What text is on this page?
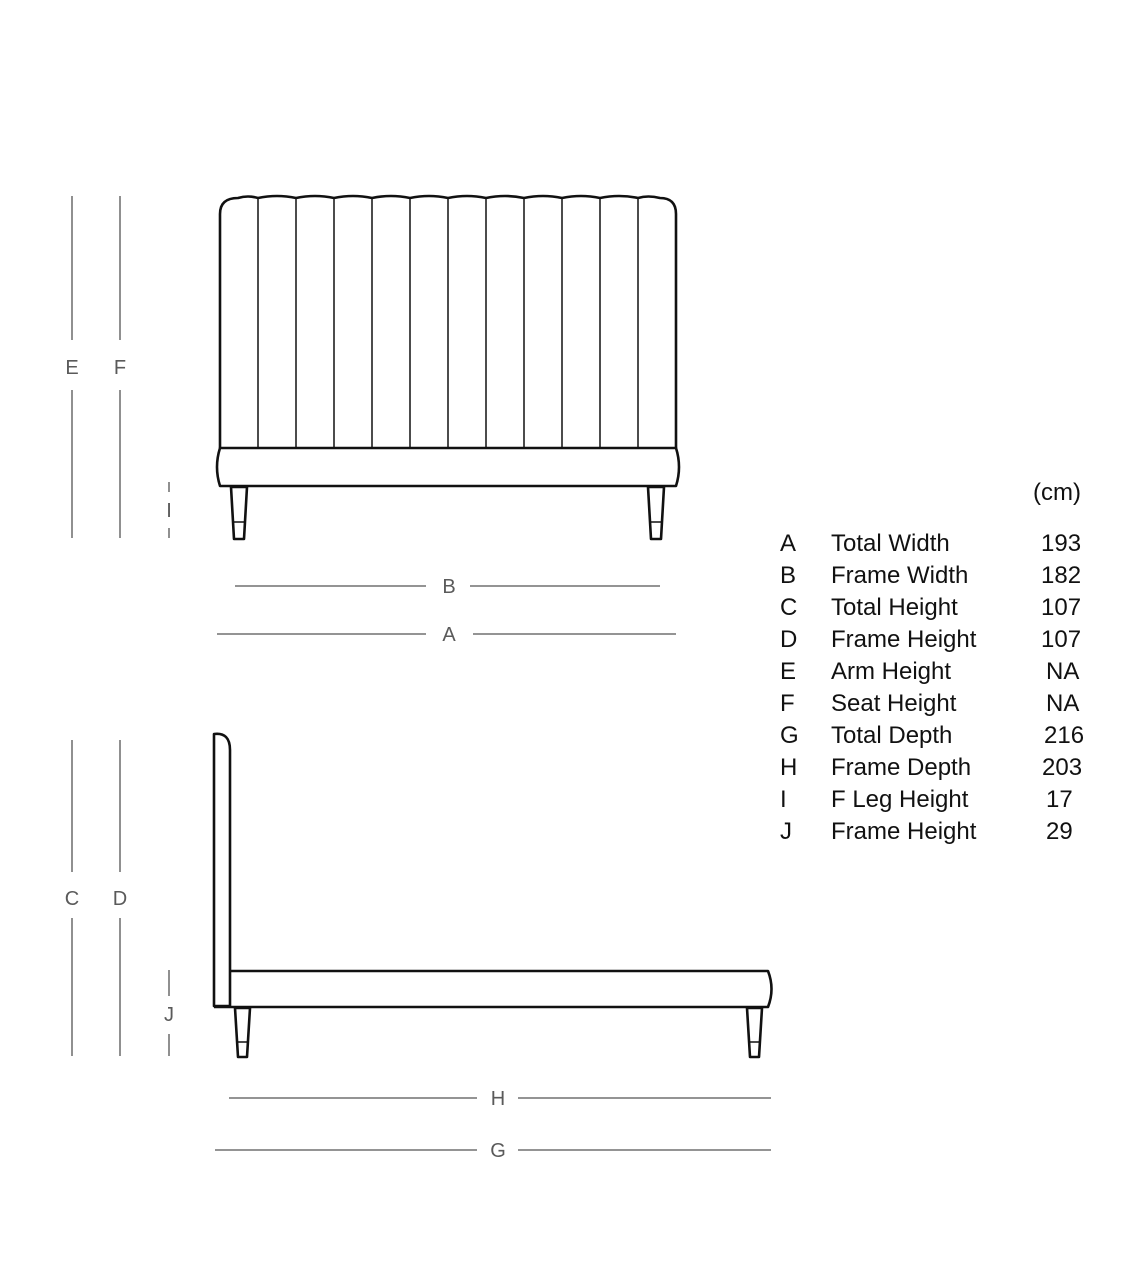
E F
I
B
A
C D
J
H
G
(cm)
A Total Width	193
B Frame Width	182
C Total Height	107
D Frame Height	107
E Arm Height	NA
F Seat Height	NA
G Total Depth	216
H Frame Depth	203
I F Leg Height	17
J Frame Height	29
